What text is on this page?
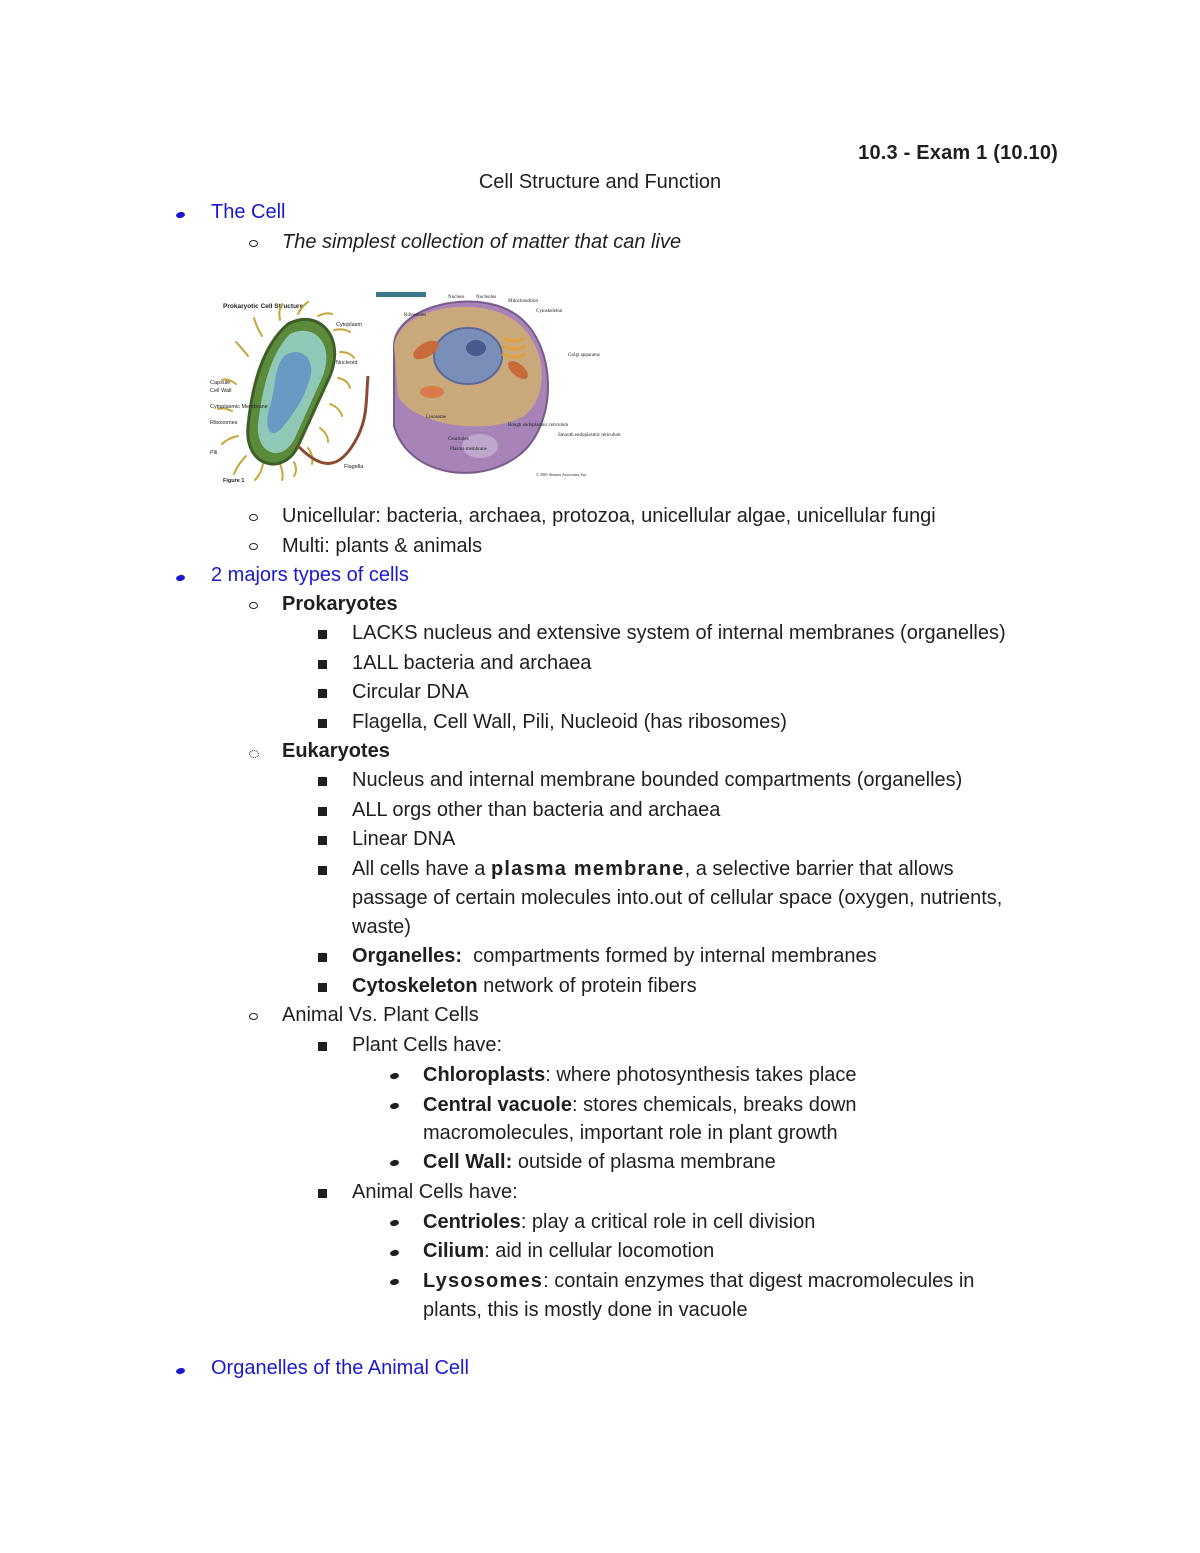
10.3 - Exam 1 (10.10)
Cell Structure and Function
The Cell
The simplest collection of matter that can live
Prokaryotic Cell Structure
Cytoplasm
Nucleoid
Capsule
Cell Wall
Cytoplasmic Membrane
Ribosomes
Pili
Flagella
Figure 1
Nucleus Nucleolus
Mitochondrion
Cytoskeleton
Ribosomes
Golgi apparatus
Lysosome
Centrioles
Rough endoplasmic reticulum
Plasma membrane
Smooth endoplasmic reticulum
© 2001 Sinauer Associates, Inc.
Unicellular: bacteria, archaea, protozoa, unicellular algae, unicellular fungi
Multi: plants & animals
2 majors types of cells
Prokaryotes
LACKS nucleus and extensive system of internal membranes (organelles)
1ALL bacteria and archaea
Circular DNA
Flagella, Cell Wall, Pili, Nucleoid (has ribosomes)
Eukaryotes
Nucleus and internal membrane bounded compartments (organelles)
ALL orgs other than bacteria and archaea
Linear DNA
All cells have a plasma membrane, a selective barrier that allows
passage of certain molecules into.out of cellular space (oxygen, nutrients,
waste)
Organelles:  compartments formed by internal membranes
Cytoskeleton network of protein fibers
Animal Vs. Plant Cells
Plant Cells have:
Chloroplasts: where photosynthesis takes place
Central vacuole: stores chemicals, breaks down
macromolecules, important role in plant growth
Cell Wall: outside of plasma membrane
Animal Cells have:
Centrioles: play a critical role in cell division
Cilium: aid in cellular locomotion
Lysosomes: contain enzymes that digest macromolecules in
plants, this is mostly done in vacuole
Organelles of the Animal Cell
